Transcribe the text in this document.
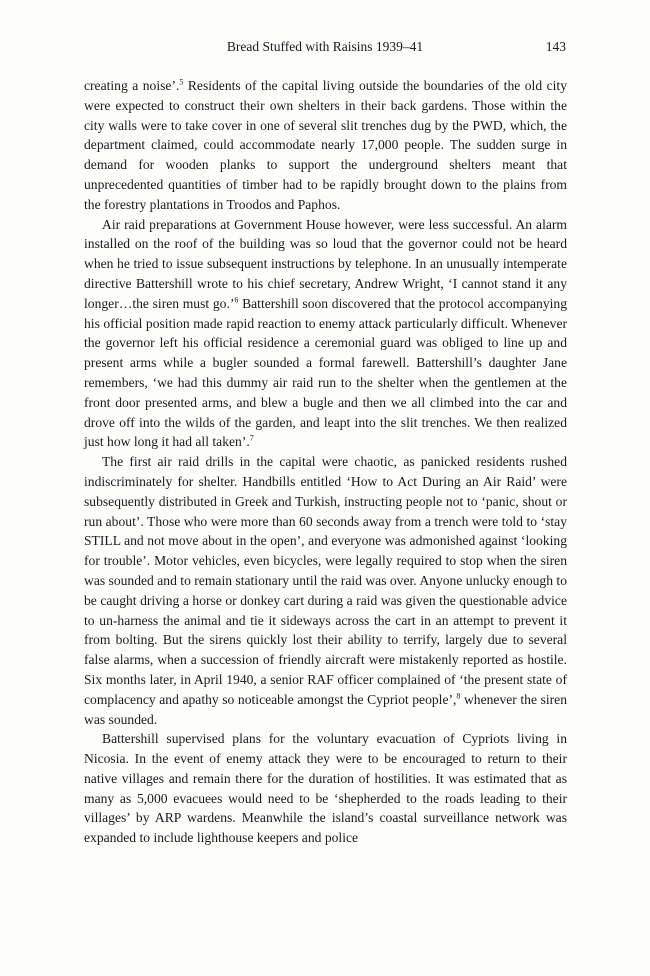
Bread Stuffed with Raisins 1939–41	143

creating a noise’.$^5$ Residents of the capital living outside the boundaries of the old city were expected to construct their own shelters in their back gardens. Those within the city walls were to take cover in one of several slit trenches dug by the PWD, which, the department claimed, could accommodate nearly 17,000 people. The sudden surge in demand for wooden planks to support the underground shelters meant that unprecedented quantities of timber had to be rapidly brought down to the plains from the forestry plantations in Troodos and Paphos.

Air raid preparations at Government House however, were less successful. An alarm installed on the roof of the building was so loud that the governor could not be heard when he tried to issue subsequent instructions by telephone. In an unusually intemperate directive Battershill wrote to his chief secretary, Andrew Wright, ‘I cannot stand it any longer…the siren must go.’$^6$ Battershill soon discovered that the protocol accompanying his official position made rapid reaction to enemy attack particularly difficult. Whenever the governor left his official residence a ceremonial guard was obliged to line up and present arms while a bugler sounded a formal farewell. Battershill’s daughter Jane remembers, ‘we had this dummy air raid run to the shelter when the gentlemen at the front door presented arms, and blew a bugle and then we all climbed into the car and drove off into the wilds of the garden, and leapt into the slit trenches. We then realized just how long it had all taken’.$^7$

The first air raid drills in the capital were chaotic, as panicked residents rushed indiscriminately for shelter. Handbills entitled ‘How to Act During an Air Raid’ were subsequently distributed in Greek and Turkish, instructing people not to ‘panic, shout or run about’. Those who were more than 60 seconds away from a trench were told to ‘stay STILL and not move about in the open’, and everyone was admonished against ‘looking for trouble’. Motor vehicles, even bicycles, were legally required to stop when the siren was sounded and to remain stationary until the raid was over. Anyone unlucky enough to be caught driving a horse or donkey cart during a raid was given the questionable advice to un-harness the animal and tie it sideways across the cart in an attempt to prevent it from bolting. But the sirens quickly lost their ability to terrify, largely due to several false alarms, when a succession of friendly aircraft were mistakenly reported as hostile. Six months later, in April 1940, a senior RAF officer complained of ‘the present state of complacency and apathy so noticeable amongst the Cypriot people’,$^8$ whenever the siren was sounded.

Battershill supervised plans for the voluntary evacuation of Cypriots living in Nicosia. In the event of enemy attack they were to be encouraged to return to their native villages and remain there for the duration of hostilities. It was estimated that as many as 5,000 evacuees would need to be ‘shepherded to the roads leading to their villages’ by ARP wardens. Meanwhile the island’s coastal surveillance network was expanded to include lighthouse keepers and police
